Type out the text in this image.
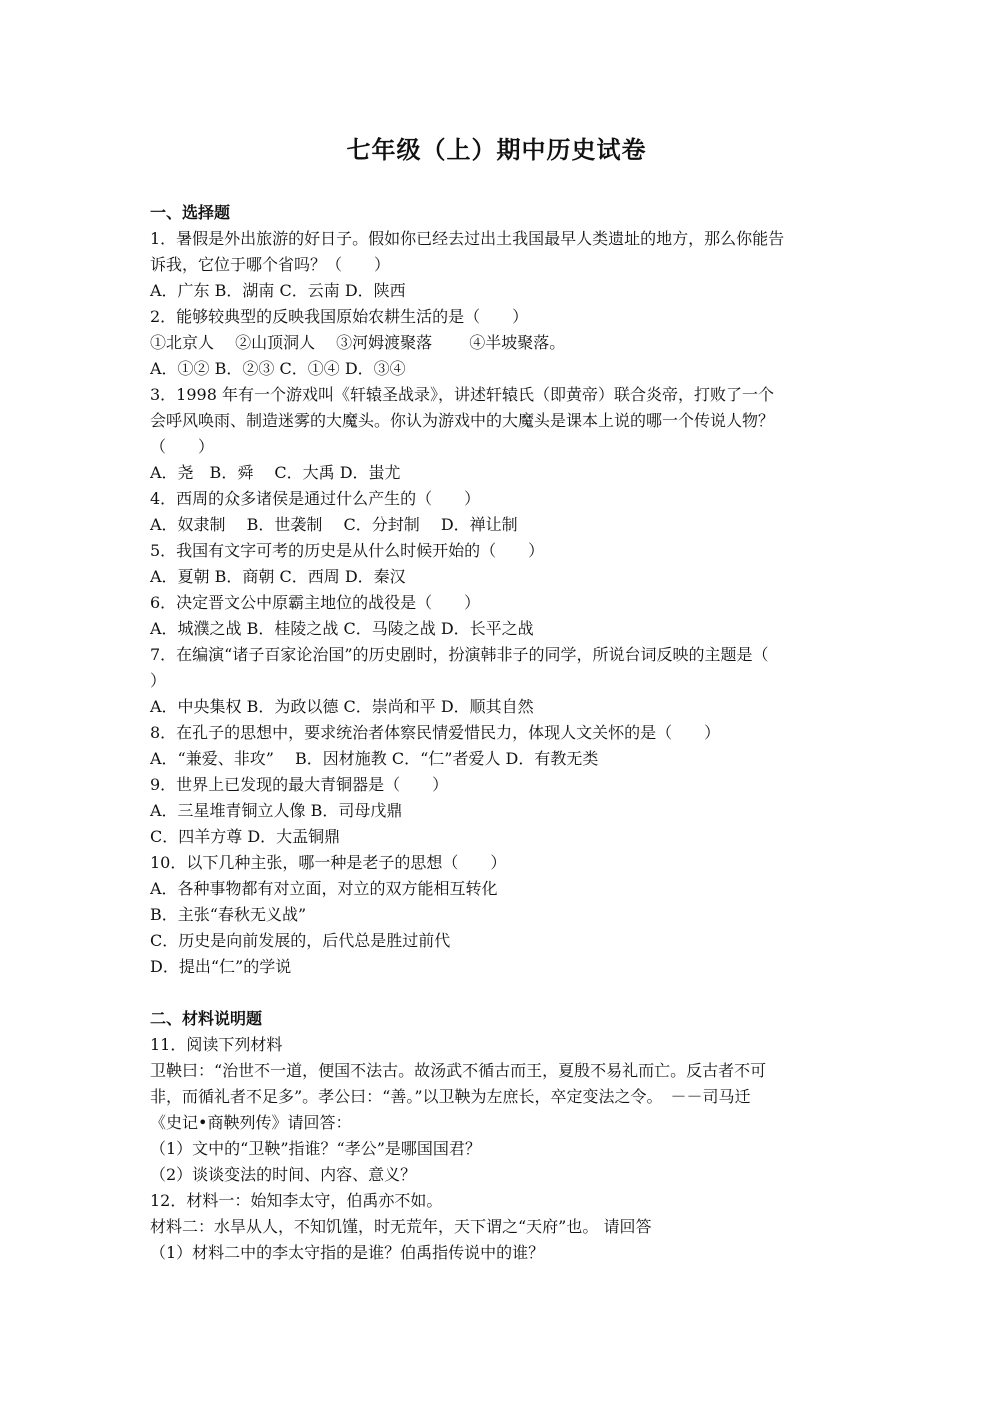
七年级（上）期中历史试卷
一、选择题
1．暑假是外出旅游的好日子。假如你已经去过出土我国最早人类遗址的地方，那么你能告
诉我，它位于哪个省吗？（　　）
A．广东 B．湖南 C．云南 D．陕西
2．能够较典型的反映我国原始农耕生活的是（　　）
①北京人　 ②山顶洞人　 ③河姆渡聚落　　 ④半坡聚落。
A．①② B．②③ C．①④ D．③④
3．1998 年有一个游戏叫《轩辕圣战录》，讲述轩辕氏（即黄帝）联合炎帝，打败了一个
会呼风唤雨、制造迷雾的大魔头。你认为游戏中的大魔头是课本上说的哪一个传说人物？
（　　）
A．尧　B．舜　 C．大禹 D．蚩尤
4．西周的众多诸侯是通过什么产生的（　　）
A．奴隶制　 B．世袭制　 C．分封制　 D．禅让制
5．我国有文字可考的历史是从什么时候开始的（　　）
A．夏朝 B．商朝 C．西周 D．秦汉
6．决定晋文公中原霸主地位的战役是（　　）
A．城濮之战 B．桂陵之战 C．马陵之战 D．长平之战
7．在编演“诸子百家论治国”的历史剧时，扮演韩非子的同学，所说台词反映的主题是（
）
A．中央集权 B．为政以德 C．崇尚和平 D．顺其自然
8．在孔子的思想中，要求统治者体察民情爱惜民力，体现人文关怀的是（　　）
A．“兼爱、非攻”　 B．因材施教 C．“仁”者爱人 D．有教无类
9．世界上已发现的最大青铜器是（　　）
A．三星堆青铜立人像 B．司母戊鼎
C．四羊方尊 D．大盂铜鼎
10．以下几种主张，哪一种是老子的思想（　　）
A．各种事物都有对立面，对立的双方能相互转化
B．主张“春秋无义战”
C．历史是向前发展的，后代总是胜过前代
D．提出“仁”的学说
二、材料说明题
11．阅读下列材料
卫鞅曰：“治世不一道，便国不法古。故汤武不循古而王，夏殷不易礼而亡。反古者不可
非，而循礼者不足多”。孝公曰：“善。”以卫鞅为左庶长，卒定变法之令。　－－司马迁
《史记•商鞅列传》请回答：
（1）文中的“卫鞅”指谁？“孝公”是哪国国君？
（2）谈谈变法的时间、内容、意义？
12．材料一：始知李太守，伯禹亦不如。
材料二：水旱从人，不知饥馑，时无荒年，天下谓之“天府”也。 请回答
（1）材料二中的李太守指的是谁？伯禹指传说中的谁？
